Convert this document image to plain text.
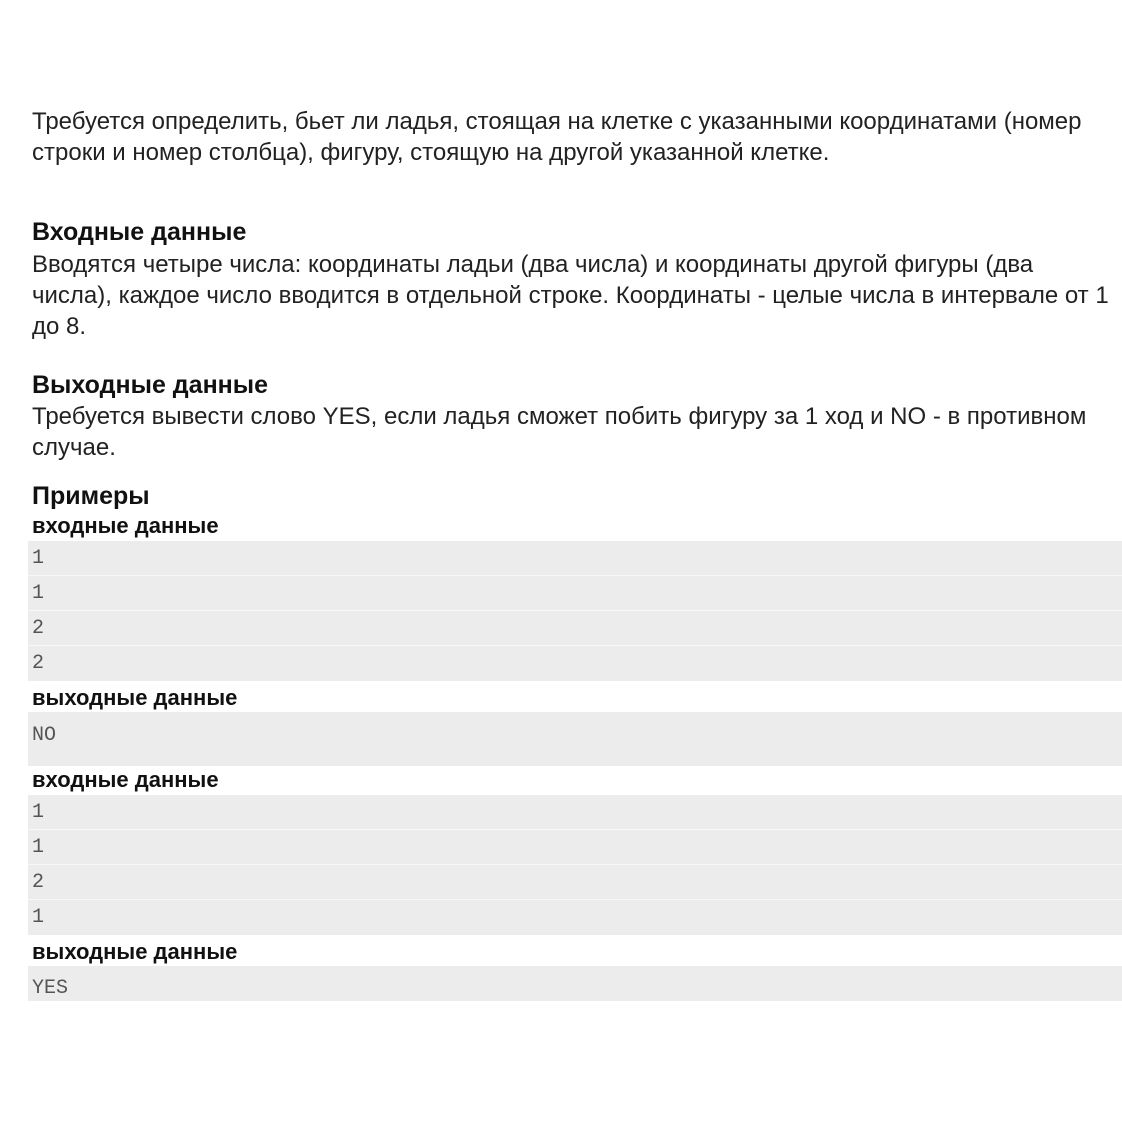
Требуется определить, бьет ли ладья, стоящая на клетке с указанными координатами (номер строки и номер столбца), фигуру, стоящую на другой указанной клетке.

Входные данные

Вводятся четыре числа: координаты ладьи (два числа) и координаты другой фигуры (два числа), каждое число вводится в отдельной строке. Координаты - целые числа в интервале от 1 до 8.

Выходные данные

Требуется вывести слово YES, если ладья сможет побить фигуру за 1 ход и NO - в противном случае.

Примеры
входные данные
1
1
2
2
выходные данные
NO
входные данные
1
1
2
1
выходные данные
YES
